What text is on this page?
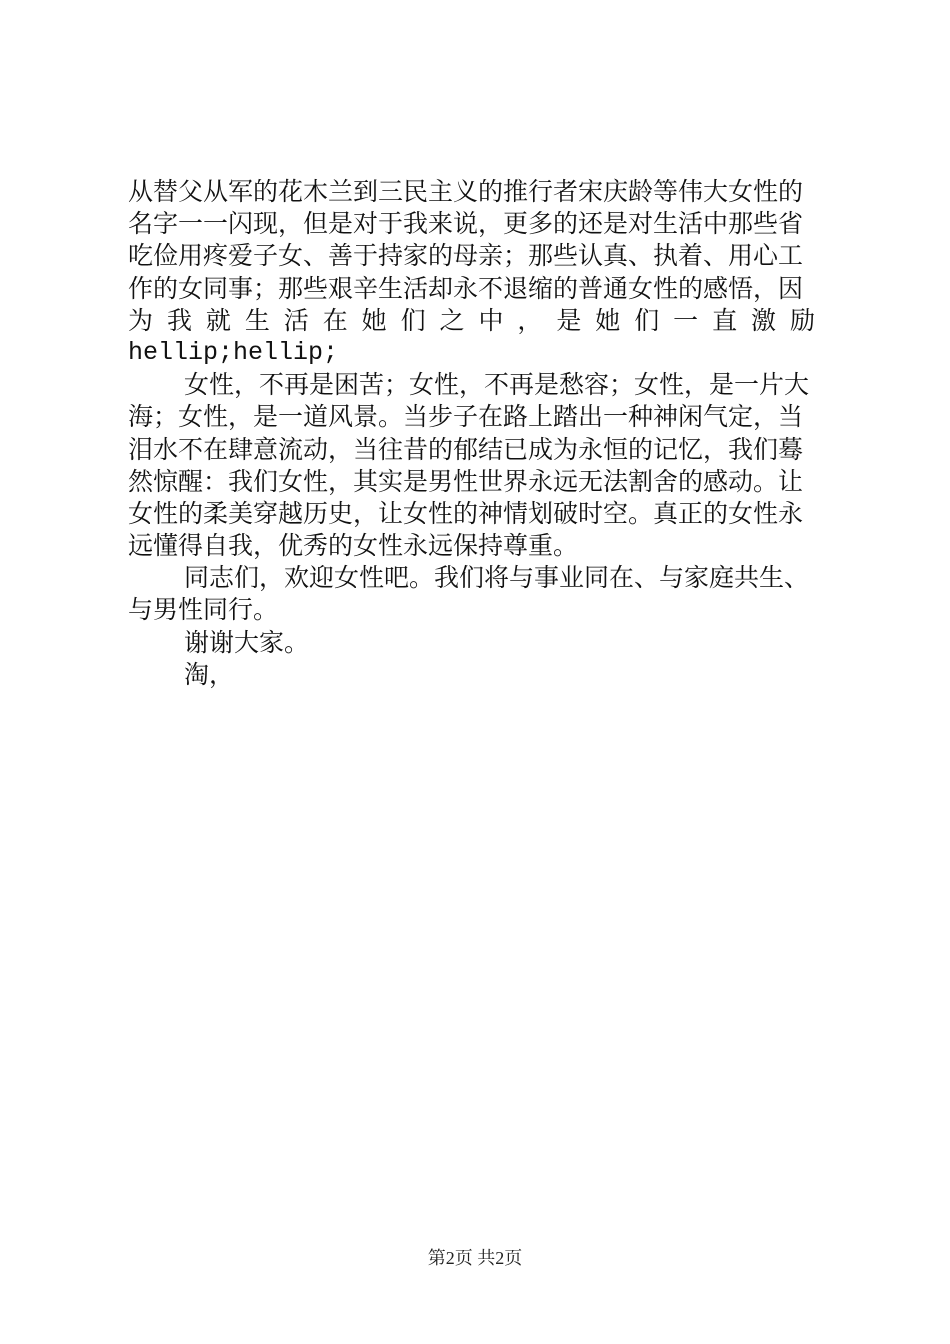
从替父从军的花木兰到三民主义的推行者宋庆龄等伟大女性的
名字一一闪现，但是对于我来说，更多的还是对生活中那些省
吃俭用疼爱子女、善于持家的母亲；那些认真、执着、用心工
作的女同事；那些艰辛生活却永不退缩的普通女性的感悟，因
为我就生活在她们之中，是她们一直激励
hellip;hellip;
女性，不再是困苦；女性，不再是愁容；女性，是一片大
海；女性，是一道风景。当步子在路上踏出一种神闲气定，当
泪水不在肆意流动，当往昔的郁结已成为永恒的记忆，我们蓦
然惊醒：我们女性，其实是男性世界永远无法割舍的感动。让
女性的柔美穿越历史，让女性的神情划破时空。真正的女性永
远懂得自我，优秀的女性永远保持尊重。
同志们，欢迎女性吧。我们将与事业同在、与家庭共生、
与男性同行。
谢谢大家。
淘，
第2页 共2页
